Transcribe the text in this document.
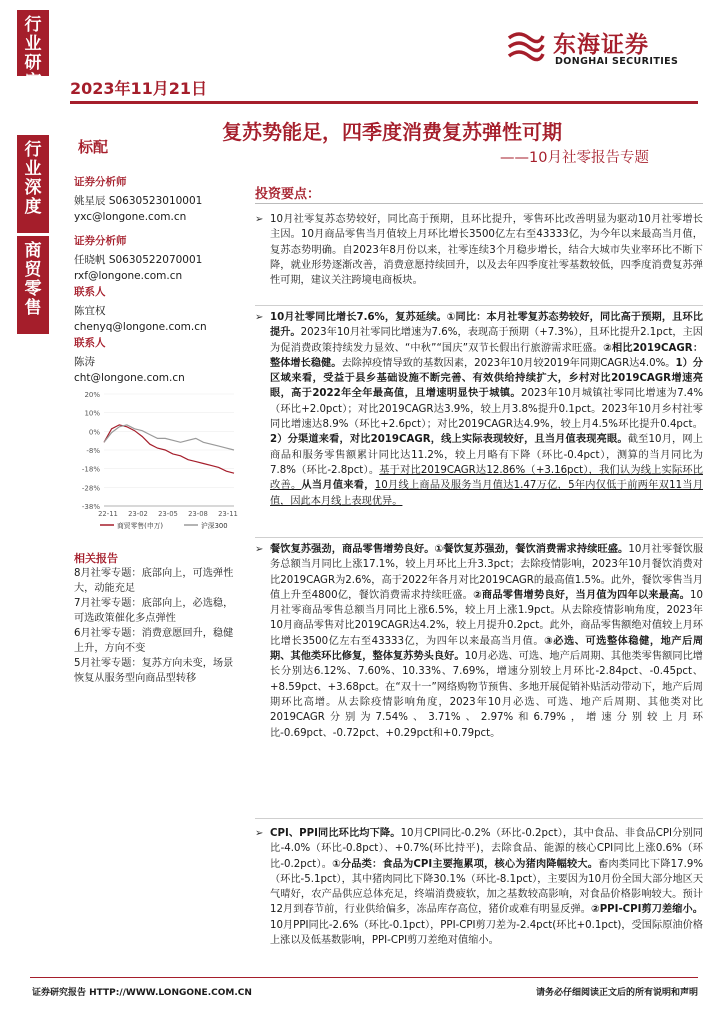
行
业
研
究
行
业
深
度
商
贸
零
售
2023年11月21日
东海证券
DONGHAI SECURITIES
标配
复苏势能足，四季度消费复苏弹性可期
——10月社零报告专题
证券分析师
姚星辰 S0630523010001
yxc@longone.com.cn
证券分析师
任晓帆 S0630522070001
rxf@longone.com.cn
联系人
陈宜权
chenyq@longone.com.cn
联系人
陈涛
cht@longone.com.cn
20%
10%
0%
-8%
-18%
-28%
-38%
22-11 23-02 23-05 23-08 23-11
商贸零售(申万)	沪深300
相关报告
8月社零专题：底部向上，可选弹性大，动能充足
7月社零专题：底部向上，必选稳，可选政策催化多点弹性
6月社零专题：消费意愿回升，稳健上升，方向不变
5月社零专题：复苏方向未变，场景恢复从服务型向商品型转移
投资要点：
➢ 10月社零复苏态势较好，同比高于预期，且环比提升，零售环比改善明显为驱动10月社零增长主因。10月商品零售当月值较上月环比增长3500亿左右至43333亿，为今年以来最高当月值，复苏态势明确。自2023年8月份以来，社零连续3个月稳步增长，结合大城市失业率环比不断下降，就业形势逐渐改善，消费意愿持续回升，以及去年四季度社零基数较低，四季度消费复苏弹性可期，建议关注跨境电商板块。
➢ 10月社零同比增长7.6%，复苏延续。①同比：本月社零复苏态势较好，同比高于预期，且环比提升。2023年10月社零同比增速为7.6%，表现高于预期（+7.3%），且环比提升2.1pct，主因为促消费政策持续发力显效、“中秋”“国庆”双节长假出行旅游需求旺盛。②相比2019CAGR：整体增长稳健。去除掉疫情导致的基数因素，2023年10月较2019年同期CAGR达4.0%。1）分区域来看，受益于县乡基础设施不断完善、有效供给持续扩大，乡村对比2019CAGR增速亮眼，高于2022年全年最高值，且增速明显快于城镇。2023年10月城镇社零同比增速为7.4%（环比+2.0pct）；对比2019CAGR达3.9%，较上月3.8%提升0.1pct。2023年10月乡村社零同比增速达8.9%（环比+2.6pct）；对比2019CAGR达4.9%，较上月4.5%环比提升0.4pct。2）分渠道来看，对比2019CAGR，线上实际表现较好，且当月值表现亮眼。截至10月，网上商品和服务零售额累计同比达11.2%，较上月略有下降（环比-0.4pct），测算的当月同比为7.8%（环比-2.8pct）。基于对比2019CAGR达12.86%（+3.16pct），我们认为线上实际环比改善。从当月值来看，10月线上商品及服务当月值达1.47万亿，5年内仅低于前两年双11当月值，因此本月线上表现优异。
➢ 餐饮复苏强劲，商品零售增势良好。①餐饮复苏强劲，餐饮消费需求持续旺盛。10月社零餐饮服务总额当月同比上涨17.1%，较上月环比上升3.3pct；去除疫情影响，2023年10月餐饮消费对比2019CAGR为2.6%，高于2022年各月对比2019CAGR的最高值1.5%。此外，餐饮零售当月值上升至4800亿，餐饮消费需求持续旺盛。②商品零售增势良好，当月值为四年以来最高。10月社零商品零售总额当月同比上涨6.5%，较上月上涨1.9pct。从去除疫情影响角度，2023年10月商品零售对比2019CAGR达4.2%，较上月提升0.2pct。此外，商品零售额绝对值较上月环比增长3500亿左右至43333亿，为四年以来最高当月值。③必选、可选整体稳健，地产后周期、其他类环比修复，整体复苏势头良好。10月必选、可选、地产后周期、其他类零售额同比增长分别达6.12%、7.60%、10.33%、7.69%，增速分别较上月环比-2.84pct、-0.45pct、+8.59pct、+3.68pct。在“双十一”网络购物节预售、多地开展促销补贴活动带动下，地产后周期环比高增。从去除疫情影响角度，2023年10月必选、可选、地产后周期、其他类对比2019CAGR分别为7.54%、3.71%、2.97%和6.79%，增速分别较上月环比-0.69pct、-0.72pct、+0.29pct和+0.79pct。
➢ CPI、PPI同比环比均下降。10月CPI同比-0.2%（环比-0.2pct），其中食品、非食品CPI分别同比-4.0%（环比-0.8pct）、+0.7%(环比持平)，去除食品、能源的核心CPI同比上涨0.6%（环比-0.2pct）。①分品类：食品为CPI主要拖累项，核心为猪肉降幅较大。畜肉类同比下降17.9%（环比-5.1pct），其中猪肉同比下降30.1%（环比-8.1pct），主要因为10月份全国大部分地区天气晴好，农产品供应总体充足，终端消费疲软，加之基数较高影响，对食品价格影响较大。预计12月到春节前，行业供给偏多，冻品库存高位，猪价或难有明显反弹。②PPI-CPI剪刀差缩小。10月PPI同比-2.6%（环比-0.1pct），PPI-CPI剪刀差为-2.4pct(环比+0.1pct)，受国际原油价格上涨以及低基数影响，PPI-CPI剪刀差绝对值缩小。
证券研究报告 HTTP://WWW.LONGONE.COM.CN	请务必仔细阅读正文后的所有说明和声明
